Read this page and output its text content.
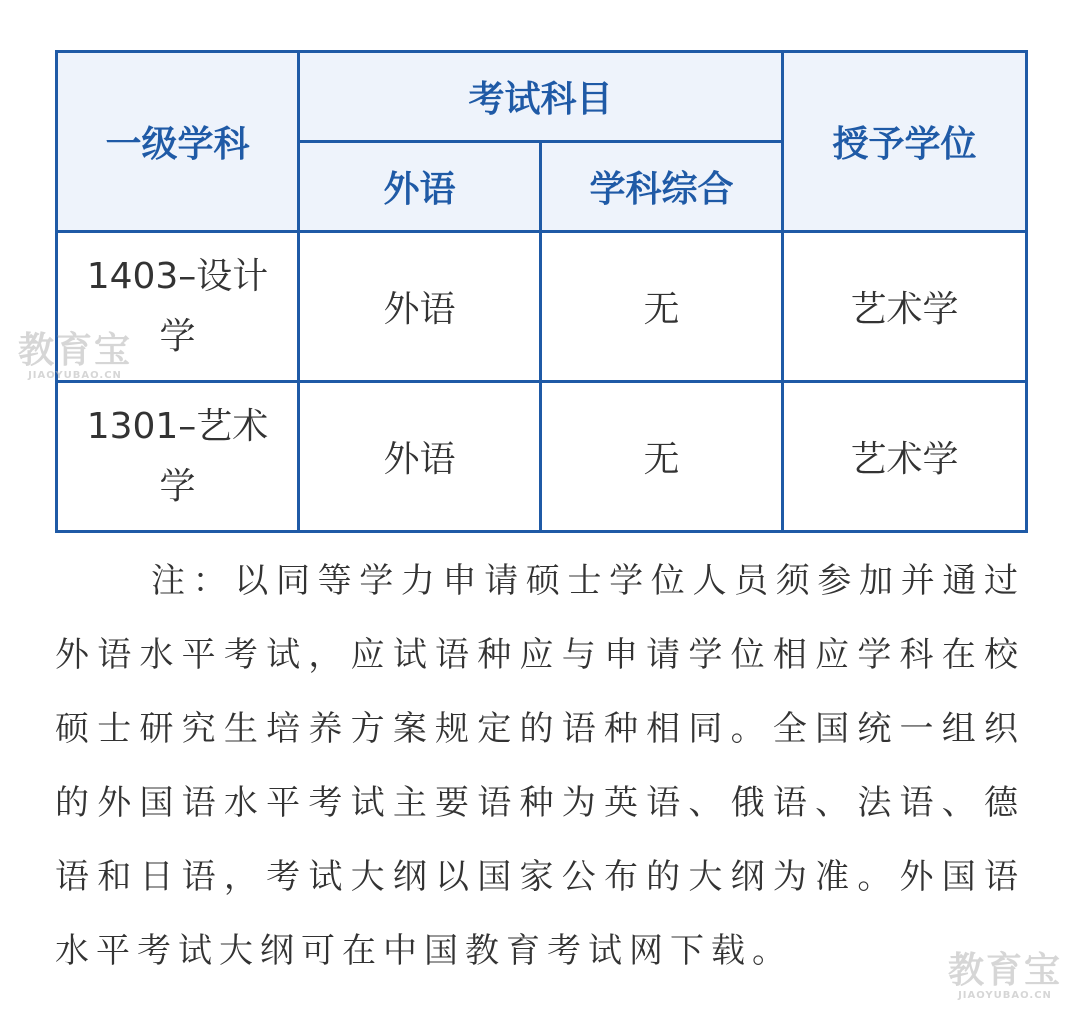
一级学科	考试科目		授予学位
	外语	学科综合	
1403–设计学	外语	无	艺术学
1301–艺术学	外语	无	艺术学

注：以同等学力申请硕士学位人员须参加并通过外语水平考试，应试语种应与申请学位相应学科在校硕士研究生培养方案规定的语种相同。全国统一组织的外国语水平考试主要语种为英语、俄语、法语、德语和日语，考试大纲以国家公布的大纲为准。外国语水平考试大纲可在中国教育考试网下载。

教育宝
JIAOYUBAO.CN
教育宝
JIAOYUBAO.CN
